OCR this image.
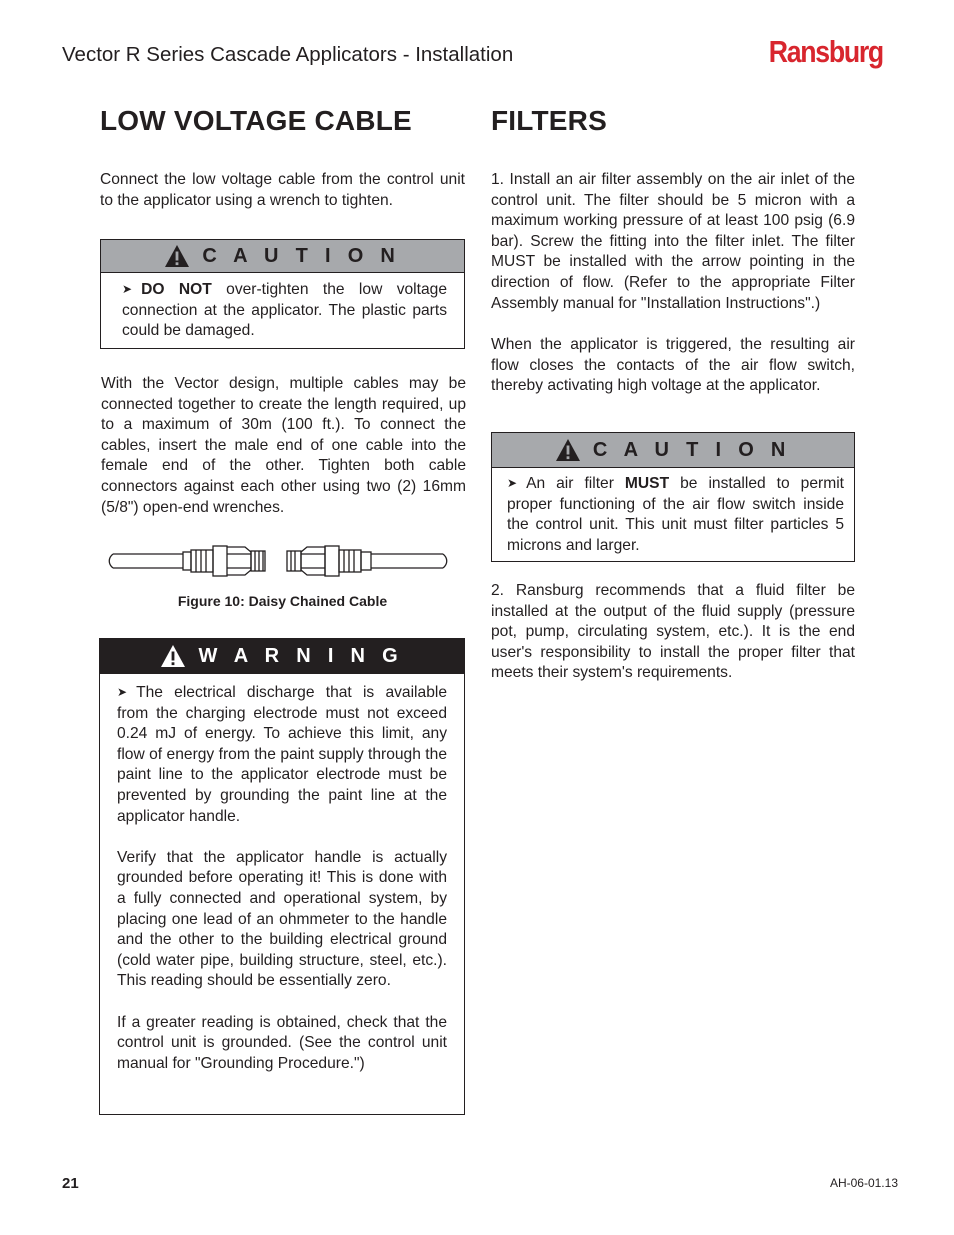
Vector R Series Cascade Applicators - Installation	Ransburg
LOW VOLTAGE CABLE

Connect the low voltage cable from the control unit to the applicator using a wrench to tighten.

C A U T I O N

➤ DO NOT over-tighten the low voltage connection at the applicator. The plastic parts could be damaged.

With the Vector design, multiple cables may be connected together to create the length required, up to a maximum of 30m (100 ft.). To connect the cables, insert the male end of one cable into the female end of the other. Tighten both cable connectors against each other using two (2) 16mm (5/8") open-end wrenches.

Figure 10: Daisy Chained Cable
W A R N I N G

➤ The electrical discharge that is available from the charging electrode must not exceed 0.24 mJ of energy. To achieve this limit, any flow of energy from the paint supply through the paint line to the applicator electrode must be prevented by grounding the paint line at the applicator handle.

Verify that the applicator handle is actually grounded before operating it! This is done with a fully connected and operational system, by placing one lead of an ohmmeter to the handle and the other to the building electrical ground (cold water pipe, building structure, steel, etc.). This reading should be essentially zero.

If a greater reading is obtained, check that the control unit is grounded. (See the control unit manual for "Grounding Procedure.")

FILTERS

1. Install an air filter assembly on the air inlet of the control unit. The filter should be 5 micron with a maximum working pressure of at least 100 psig (6.9 bar). Screw the fitting into the filter inlet. The filter MUST be installed with the arrow pointing in the direction of flow. (Refer to the appropriate Filter Assembly manual for "Installation Instructions".)

When the applicator is triggered, the resulting air flow closes the contacts of the air flow switch, thereby activating high voltage at the applicator.

C A U T I O N

➤ An air filter MUST be installed to permit proper functioning of the air flow switch inside the control unit. This unit must filter particles 5 microns and larger.

2. Ransburg recommends that a fluid filter be installed at the output of the fluid supply (pressure pot, pump, circulating system, etc.). It is the end user's responsibility to install the proper filter that meets their system's requirements.

21	AH-06-01.13
